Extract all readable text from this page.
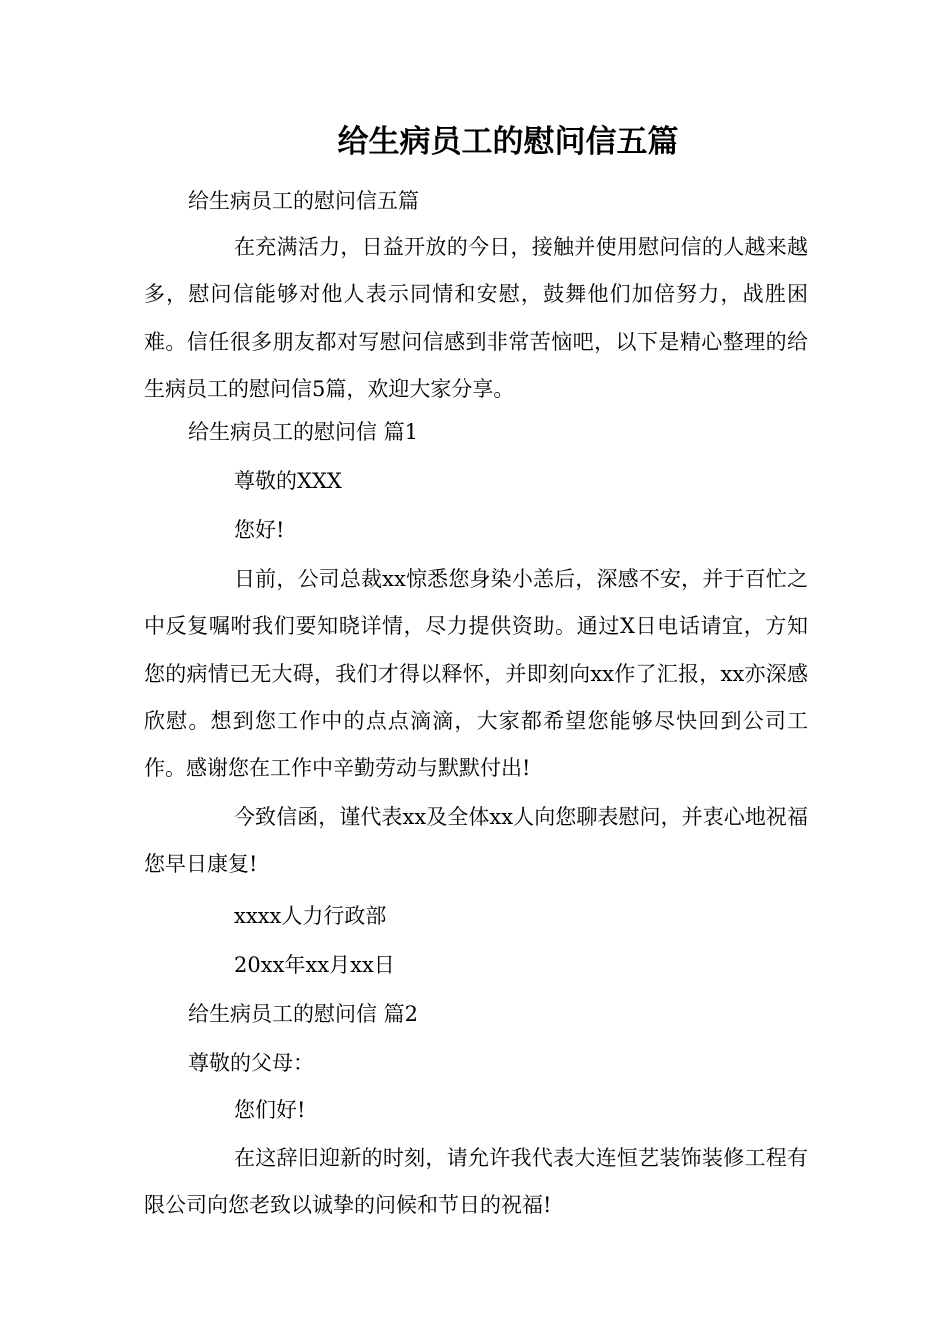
给生病员工的慰问信五篇

给生病员工的慰问信五篇

在充满活力，日益开放的今日，接触并使用慰问信的人越来越多，慰问信能够对他人表示同情和安慰，鼓舞他们加倍努力，战胜困难。信任很多朋友都对写慰问信感到非常苦恼吧，以下是精心整理的给生病员工的慰问信5篇，欢迎大家分享。

给生病员工的慰问信 篇1

尊敬的XXX

您好!

日前，公司总裁xx惊悉您身染小恙后，深感不安，并于百忙之中反复嘱咐我们要知晓详情，尽力提供资助。通过X日电话请宜，方知您的病情已无大碍，我们才得以释怀，并即刻向xx作了汇报，xx亦深感欣慰。想到您工作中的点点滴滴，大家都希望您能够尽快回到公司工作。感谢您在工作中辛勤劳动与默默付出!

今致信函，谨代表xx及全体xx人向您聊表慰问，并衷心地祝福您早日康复!

xxxx人力行政部

20xx年xx月xx日

给生病员工的慰问信 篇2

尊敬的父母：

您们好!

在这辞旧迎新的时刻，请允许我代表大连恒艺装饰装修工程有限公司向您老致以诚挚的问候和节日的祝福!
